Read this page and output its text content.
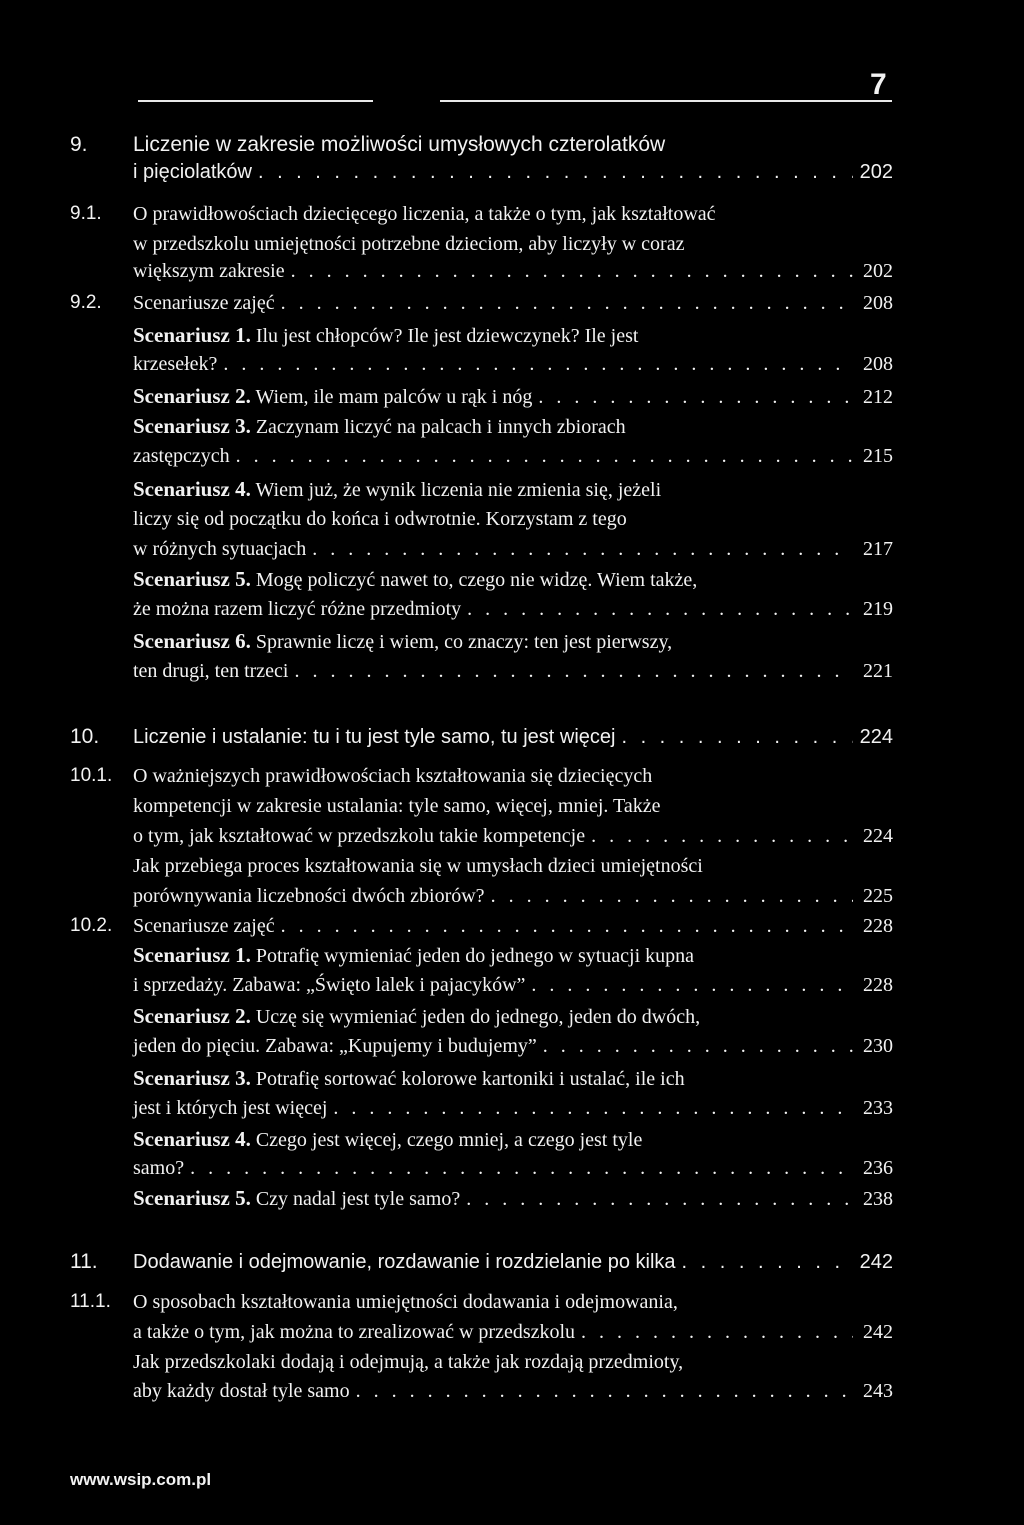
7
9. Liczenie w zakresie możliwości umysłowych czterolatków
i pięciolatków . . .	202
9.1. O prawidłowościach dziecięcego liczenia, a także o tym, jak kształtować
w przedszkolu umiejętności potrzebne dzieciom, aby liczyły w coraz
większym zakresie . . .	202
9.2. Scenariusze zajęć . . .	208
Scenariusz 1. Ilu jest chłopców? Ile jest dziewczynek? Ile jest
krzesełek? . . .	208
Scenariusz 2. Wiem, ile mam palców u rąk i nóg . . .	212
Scenariusz 3. Zaczynam liczyć na palcach i innych zbiorach
zastępczych . . .	215
Scenariusz 4. Wiem już, że wynik liczenia nie zmienia się, jeżeli
liczy się od początku do końca i odwrotnie. Korzystam z tego
w różnych sytuacjach . . .	217
Scenariusz 5. Mogę policzyć nawet to, czego nie widzę. Wiem także,
że można razem liczyć różne przedmioty . . .	219
Scenariusz 6. Sprawnie liczę i wiem, co znaczy: ten jest pierwszy,
ten drugi, ten trzeci . . .	221
10. Liczenie i ustalanie: tu i tu jest tyle samo, tu jest więcej . . .	224
10.1. O ważniejszych prawidłowościach kształtowania się dziecięcych
kompetencji w zakresie ustalania: tyle samo, więcej, mniej. Także
o tym, jak kształtować w przedszkolu takie kompetencje . . .	224
Jak przebiega proces kształtowania się w umysłach dzieci umiejętności
porównywania liczebności dwóch zbiorów? . . .	225
10.2. Scenariusze zajęć . . .	228
Scenariusz 1. Potrafię wymieniać jeden do jednego w sytuacji kupna
i sprzedaży. Zabawa: „Święto lalek i pajacyków” . . .	228
Scenariusz 2. Uczę się wymieniać jeden do jednego, jeden do dwóch,
jeden do pięciu. Zabawa: „Kupujemy i budujemy” . . .	230
Scenariusz 3. Potrafię sortować kolorowe kartoniki i ustalać, ile ich
jest i których jest więcej . . .	233
Scenariusz 4. Czego jest więcej, czego mniej, a czego jest tyle
samo? . . .	236
Scenariusz 5. Czy nadal jest tyle samo? . . .	238
11. Dodawanie i odejmowanie, rozdawanie i rozdzielanie po kilka . . .	242
11.1. O sposobach kształtowania umiejętności dodawania i odejmowania,
a także o tym, jak można to zrealizować w przedszkolu . . .	242
Jak przedszkolaki dodają i odejmują, a także jak rozdają przedmioty,
aby każdy dostał tyle samo . . .	243
www.wsip.com.pl
